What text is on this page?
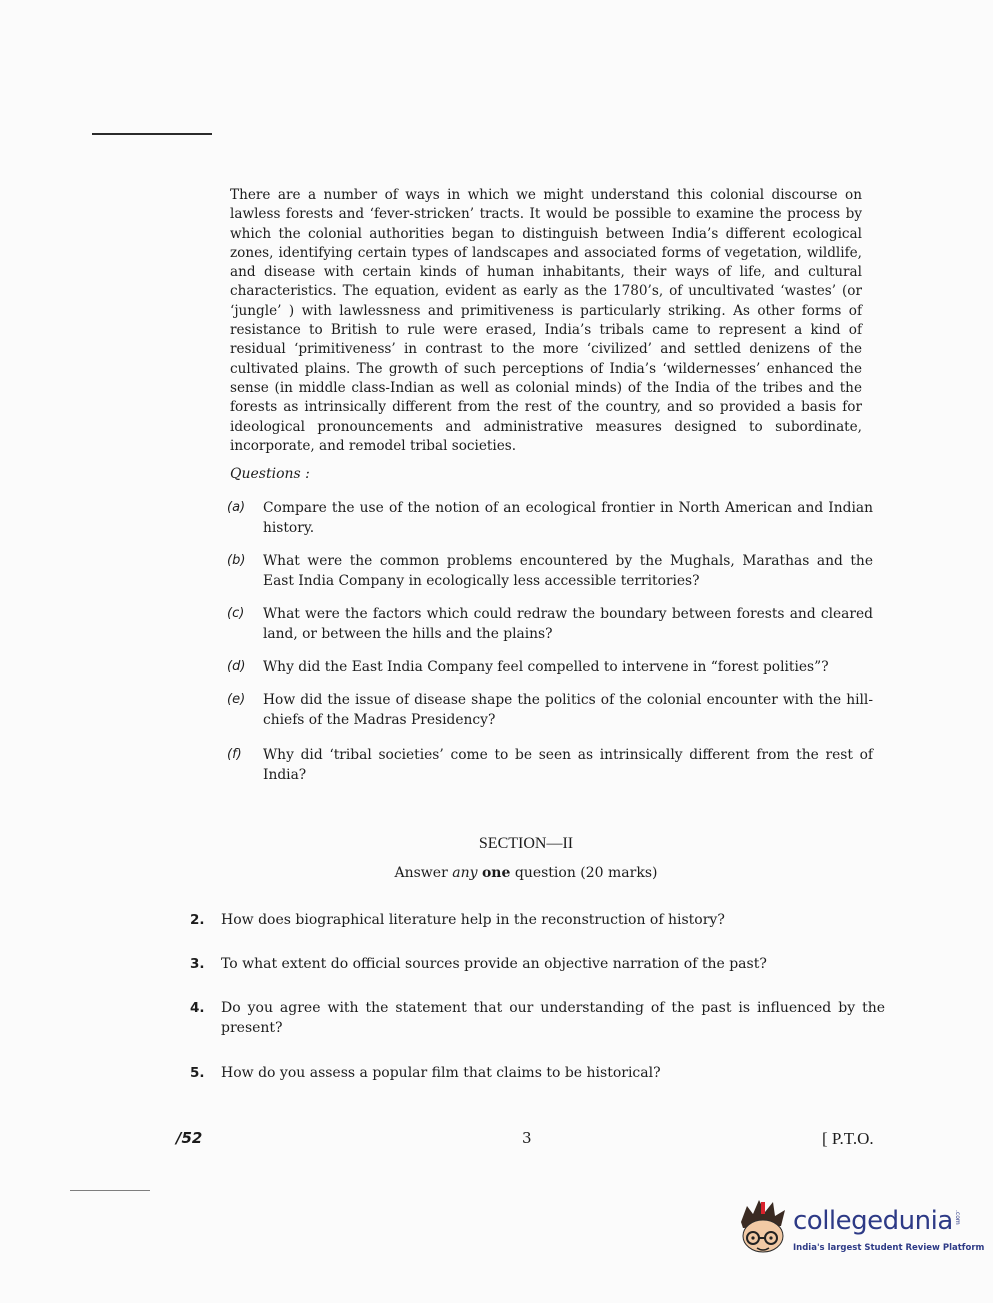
There are a number of ways in which we might understand this colonial discourse on lawless forests and ‘fever-stricken’ tracts. It would be possible to examine the process by which the colonial authorities began to distinguish between India’s different ecological zones, identifying certain types of landscapes and associated forms of vegetation, wildlife, and disease with certain kinds of human inhabitants, their ways of life, and cultural characteristics. The equation, evident as early as the 1780’s, of uncultivated ‘wastes’ (or ‘jungle’ ) with lawlessness and primitiveness is particularly striking. As other forms of resistance to British to rule were erased, India’s tribals came to represent a kind of residual ‘primitiveness’ in contrast to the more ‘civilized’ and settled denizens of the cultivated plains. The growth of such perceptions of India’s ‘wildernesses’ enhanced the sense (in middle class-Indian as well as colonial minds) of the India of the tribes and the forests as intrinsically different from the rest of the country, and so provided a basis for ideological pronouncements and administrative measures designed to subordinate, incorporate, and remodel tribal societies.
Questions :
(a) Compare the use of the notion of an ecological frontier in North American and Indian history.
(b) What were the common problems encountered by the Mughals, Marathas and the East India Company in ecologically less accessible territories?
(c) What were the factors which could redraw the boundary between forests and cleared land, or between the hills and the plains?
(d) Why did the East India Company feel compelled to intervene in “forest polities”?
(e) How did the issue of disease shape the politics of the colonial encounter with the hill-chiefs of the Madras Presidency?
(f) Why did ‘tribal societies’ come to be seen as intrinsically different from the rest of India?
SECTION—II
Answer any one question (20 marks)
2. How does biographical literature help in the reconstruction of history?
3. To what extent do official sources provide an objective narration of the past?
4. Do you agree with the statement that our understanding of the past is influenced by the present?
5. How do you assess a popular film that claims to be historical?
/52	3	[ P.T.O.
collegedunia .com
India's largest Student Review Platform
